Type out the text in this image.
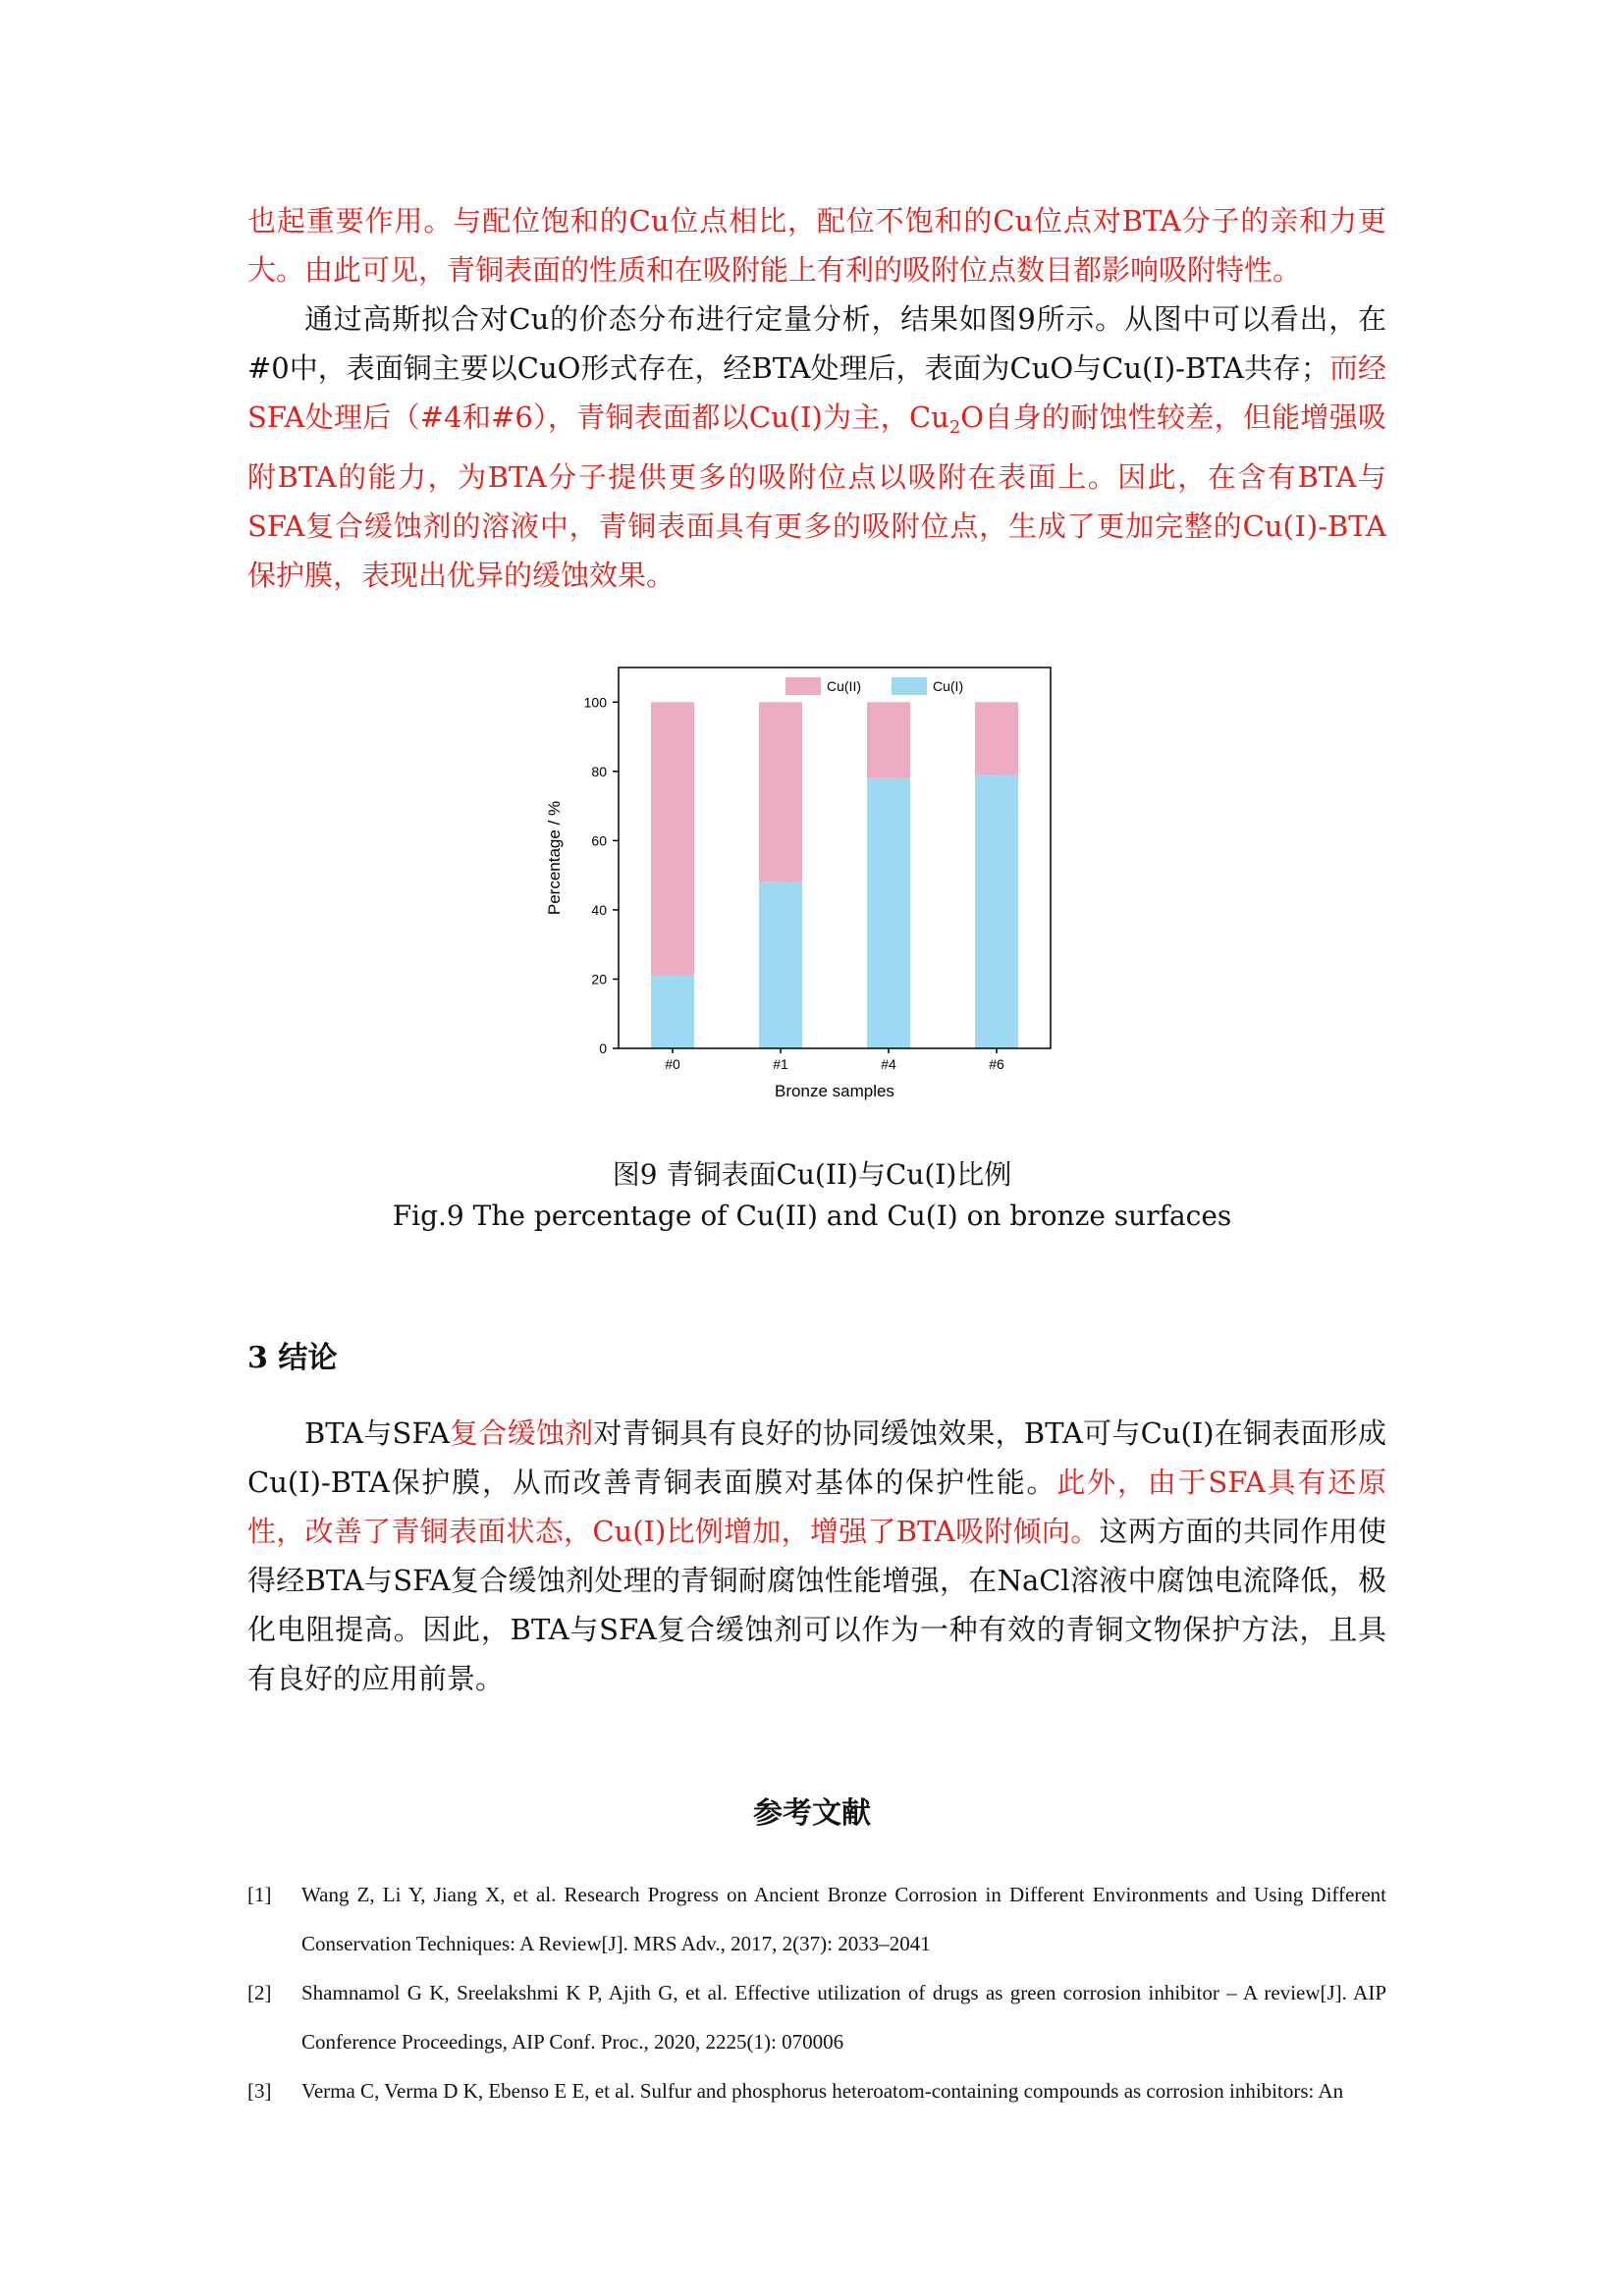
也起重要作用。与配位饱和的Cu位点相比，配位不饱和的Cu位点对BTA分子的亲和力更大。由此可见，青铜表面的性质和在吸附能上有利的吸附位点数目都影响吸附特性。

通过高斯拟合对Cu的价态分布进行定量分析，结果如图9所示。从图中可以看出，在#0中，表面铜主要以CuO形式存在，经BTA处理后，表面为CuO与Cu(Ⅰ)-BTA共存；而经SFA处理后（#4和#6），青铜表面都以Cu(I)为主，$Cu_2O$自身的耐蚀性较差，但能增强吸附BTA的能力，为BTA分子提供更多的吸附位点以吸附在表面上。因此，在含有BTA与SFA复合缓蚀剂的溶液中，青铜表面具有更多的吸附位点，生成了更加完整的Cu(Ⅰ)-BTA保护膜，表现出优异的缓蚀效果。

#0	#1	#4	#6
0
20
40
60
80
100
Bronze samples
Percentage / %
Cu(II)	Cu(I)

图9 青铜表面Cu(II)与Cu(I)比例

Fig.9 The percentage of Cu(II) and Cu(I) on bronze surfaces

3 结论

BTA与SFA复合缓蚀剂对青铜具有良好的协同缓蚀效果，BTA可与Cu(I)在铜表面形成Cu(I)-BTA保护膜，从而改善青铜表面膜对基体的保护性能。此外，由于SFA具有还原性，改善了青铜表面状态，Cu(I)比例增加，增强了BTA吸附倾向。这两方面的共同作用使得经BTA与SFA复合缓蚀剂处理的青铜耐腐蚀性能增强，在NaCl溶液中腐蚀电流降低，极化电阻提高。因此，BTA与SFA复合缓蚀剂可以作为一种有效的青铜文物保护方法，且具有良好的应用前景。

参考文献

[1] Wang Z, Li Y, Jiang X, et al. Research Progress on Ancient Bronze Corrosion in Different Environments and Using Different Conservation Techniques: A Review[J]. MRS Adv., 2017, 2(37): 2033–2041
[2] Shamnamol G K, Sreelakshmi K P, Ajith G, et al. Effective utilization of drugs as green corrosion inhibitor – A review[J]. AIP Conference Proceedings, AIP Conf. Proc., 2020, 2225(1): 070006
[3] Verma C, Verma D K, Ebenso E E, et al. Sulfur and phosphorus heteroatom-containing compounds as corrosion inhibitors: An
